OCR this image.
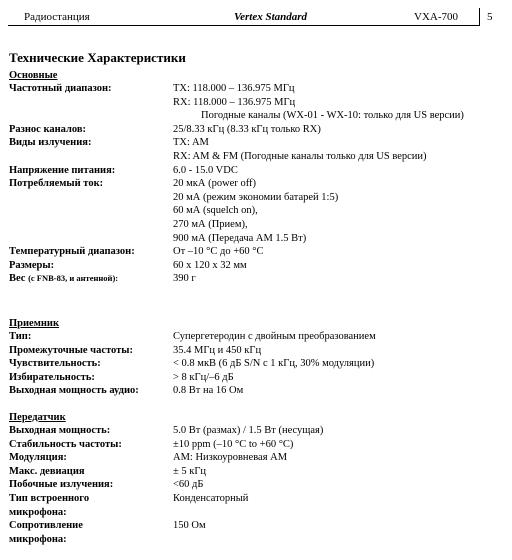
Радиостанция	Vertex Standard	VXA-700	5
Технические Характеристики
Основные
Частотный диапазон:	TX: 118.000 – 136.975 МГц
RX: 118.000 – 136.975 МГц
Погодные каналы (WX-01 - WX-10: только для US версии)
Разнос каналов:	25/8.33 кГц (8.33 кГц только RX)
Виды излучения:	TX: AM
RX: AM & FM (Погодные каналы только для US версии)
Напряжение питания:	6.0 - 15.0 VDC
Потребляемый ток:	20 мкА (power off)
20 мА (режим экономии батарей 1:5)
60 мА (squelch on),
270 мА (Прием),
900 мА (Передача AM 1.5 Вт)
Температурный диапазон:	От –10 °C до +60 °C
Размеры:	60 x 120 x 32 мм
Вес (с FNB-83, и антенной):	390 г
Приемник
Тип:	Супергетеродин с двойным преобразованием
Промежуточные частоты:	35.4 МГц и 450 кГц
Чувствительность:	< 0.8 мкВ (6 дБ S/N с 1 кГц, 30% модуляции)
Избирательность:	> 8 кГц/–6 дБ
Выходная мощность аудио:	0.8 Вт на 16 Ом
Передатчик
Выходная мощность:	5.0 Вт (размах) / 1.5 Вт (несущая)
Стабильность частоты:	±10 ppm (–10 °C to +60 °C)
Модуляция:	AM: Низкоуровневая АМ
Макс. девиация	± 5 кГц
Побочные излучения:	<60 дБ
Тип встроенного микрофона:
Конденсаторный
Сопротивление микрофона:
150 Ом
